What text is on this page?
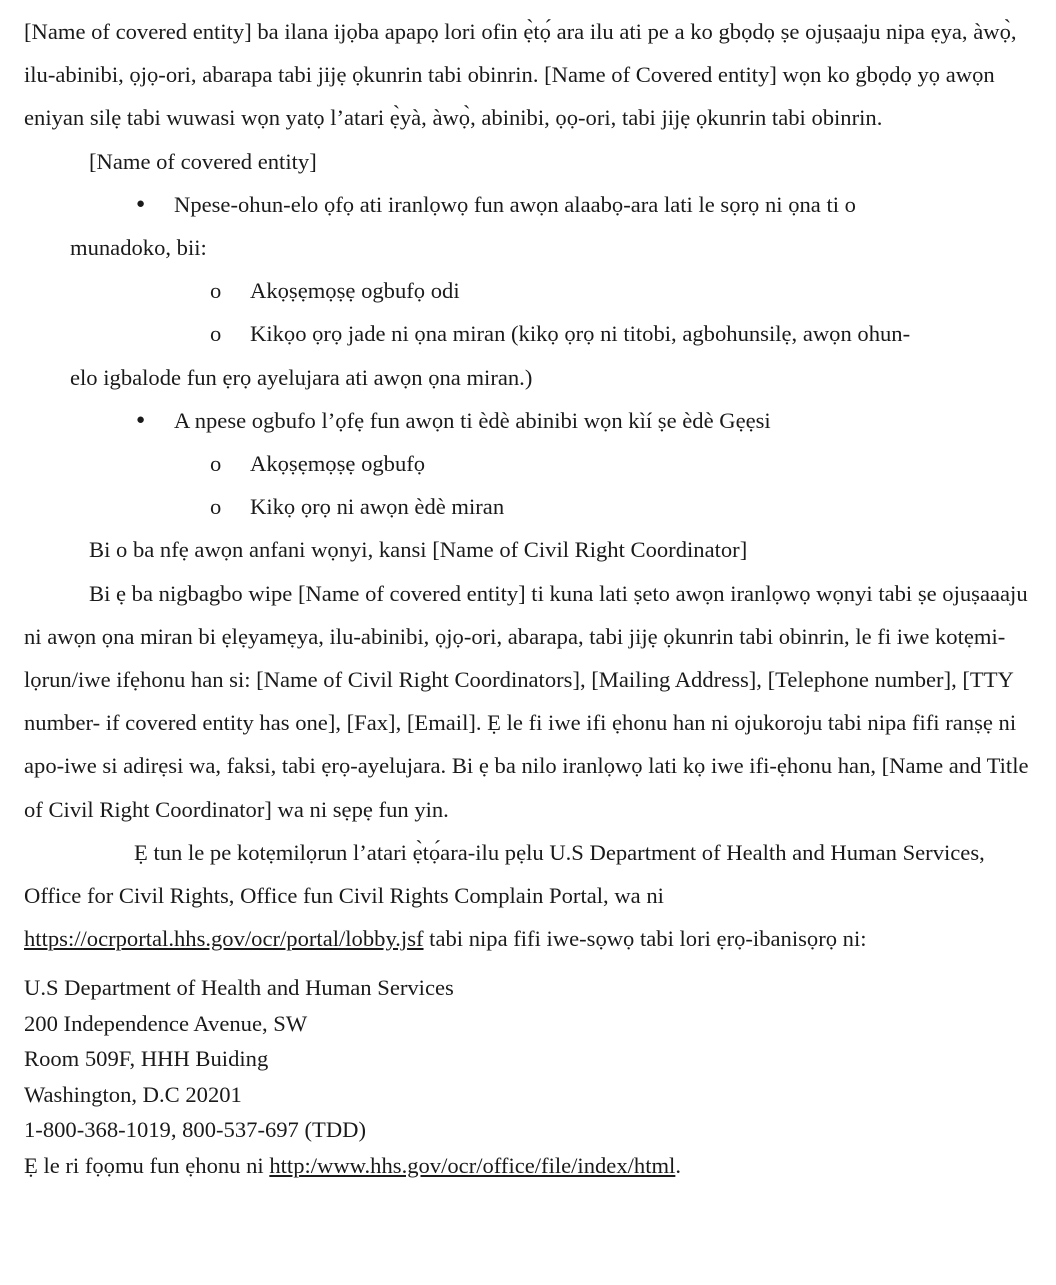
[Name of covered entity] ba ilana ijọba apapọ lori ofin ẹ̀tọ́ ara ilu ati pe a ko gbọdọ ṣe ojuṣaaju nipa ẹya, àwọ̀, ilu-abinibi, ọjọ-ori, abarapa tabi jijẹ ọkunrin tabi obinrin. [Name of Covered entity] wọn ko gbọdọ yọ awọn eniyan silẹ tabi wuwasi wọn yatọ l’atari ẹ̀yà, àwọ̀, abinibi, ọọ-ori, tabi jijẹ ọkunrin tabi obinrin.

[Name of covered entity]

● Npese-ohun-elo ọfọ ati iranlọwọ fun awọn alaabọ-ara lati le sọrọ ni ọna ti o
munadoko, bii:
o Akọṣẹmọṣẹ ogbufọ odi
o Kikọo ọrọ jade ni ọna miran (kikọ ọrọ ni titobi, agbohunsilẹ, awọn ohun-
elo igbalode fun ẹrọ ayelujara ati awọn ọna miran.)
● A npese ogbufo l’ọfẹ fun awọn ti èdè abinibi wọn kìí ṣe èdè Gẹẹsi
o Akọṣẹmọṣẹ ogbufọ
o Kikọ ọrọ ni awọn èdè miran

Bi o ba nfẹ awọn anfani wọnyi, kansi [Name of Civil Right Coordinator]

Bi ẹ ba nigbagbo wipe [Name of covered entity] ti kuna lati ṣeto awọn iranlọwọ wọnyi tabi ṣe ojuṣaaaju ni awọn ọna miran bi ẹlẹyamẹya, ilu-abinibi, ọjọ-ori, abarapa, tabi jijẹ ọkunrin tabi obinrin, le fi iwe kotẹmi-lọrun/iwe ifẹhonu han si: [Name of Civil Right Coordinators], [Mailing Address], [Telephone number], [TTY number- if covered entity has one], [Fax], [Email]. Ẹ le fi iwe ifi ẹhonu han ni ojukoroju tabi nipa fifi ranṣẹ ni apo-iwe si adirẹsi wa, faksi, tabi ẹrọ-ayelujara. Bi ẹ ba nilo iranlọwọ lati kọ iwe ifi-ẹhonu han, [Name and Title of Civil Right Coordinator] wa ni sẹpẹ fun yin.

Ẹ tun le pe kotẹmilọrun l’atari ẹ̀tọ́ara-ilu pẹlu U.S Department of Health and Human Services, Office for Civil Rights, Office fun Civil Rights Complain Portal, wa ni https://ocrportal.hhs.gov/ocr/portal/lobby.jsf tabi nipa fifi iwe-sọwọ tabi lori ẹrọ-ibanisọrọ ni:

U.S Department of Health and Human Services
200 Independence Avenue, SW
Room 509F, HHH Buiding
Washington, D.C 20201
1-800-368-1019, 800-537-697 (TDD)
Ẹ le ri fọọmu fun ẹhonu ni http:/www.hhs.gov/ocr/office/file/index/html.
